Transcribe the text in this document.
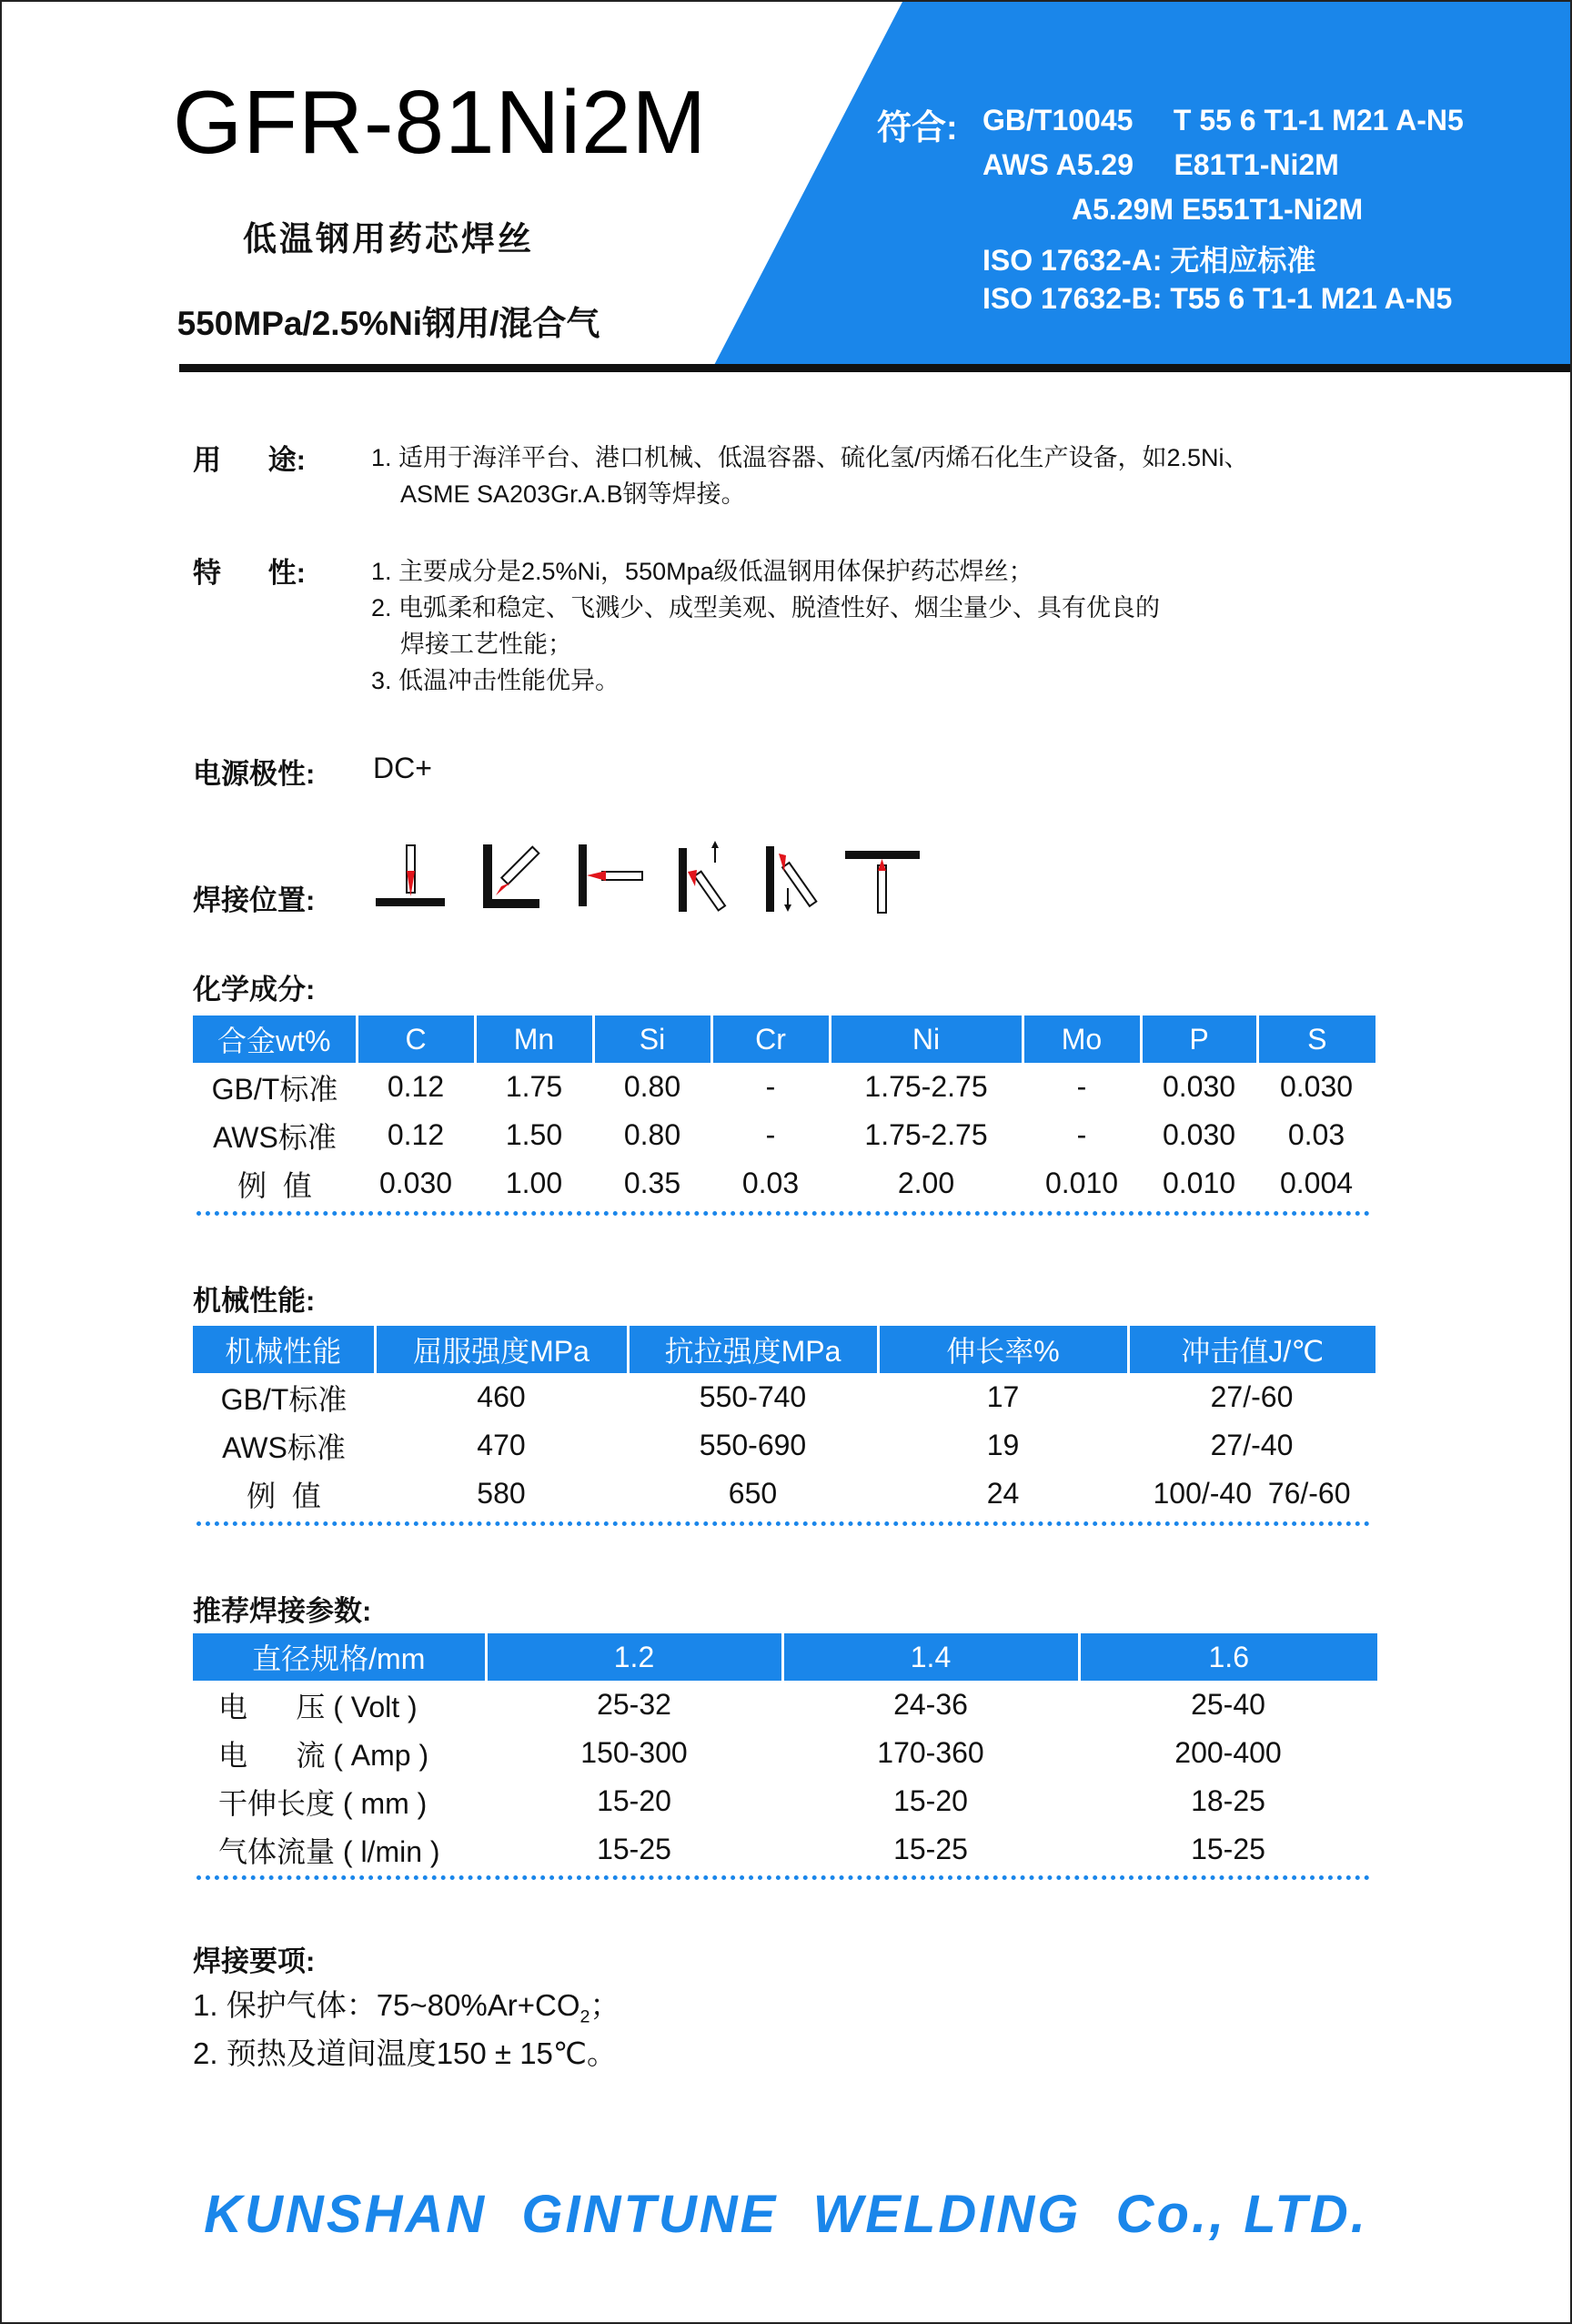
GFR-81Ni2M
低温钢用药芯焊丝
550MPa/2.5%Ni钢用/混合气
符合: GB/T10045     T 55 6 T1-1 M21 A-N5
AWS A5.29     E81T1-Ni2M
A5.29M E551T1-Ni2M
ISO 17632-A: 无相应标准
ISO 17632-B: T55 6 T1-1 M21 A-N5
用      途:	1. 适用于海洋平台、港口机械、低温容器、硫化氢/丙烯石化生产设备，如2.5Ni、
ASME SA203Gr.A.B钢等焊接。
特      性:	1. 主要成分是2.5%Ni，550Mpa级低温钢用体保护药芯焊丝；
2. 电弧柔和稳定、飞溅少、成型美观、脱渣性好、烟尘量少、具有优良的
焊接工艺性能；
3. 低温冲击性能优异。
电源极性: DC+
焊接位置:
化学成分:
合金wt%	C	Mn	Si	Cr	Ni	Mo	P	S
GB/T标准	0.12	1.75	0.80	-	1.75-2.75	-	0.030	0.030
AWS标准	0.12	1.50	0.80	-	1.75-2.75	-	0.030	0.03
例  值	0.030	1.00	0.35	0.03	2.00	0.010	0.010	0.004
机械性能:
机械性能	屈服强度MPa	抗拉强度MPa	伸长率%	冲击值J/℃
GB/T标准	460	550-740	17	27/-60
AWS标准	470	550-690	19	27/-40
例  值	580	650	24	100/-40  76/-60
推荐焊接参数:
直径规格/mm	1.2	1.4	1.6
电      压 ( Volt )	25-32	24-36	25-40
电      流 ( Amp )	150-300	170-360	200-400
干伸长度 ( mm )	15-20	15-20	18-25
气体流量 ( l/min )	15-25	15-25	15-25
焊接要项:
1. 保护气体：$75\sim 80\%Ar+CO_2$；
2. 预热及道间温度150 ± 15℃。
KUNSHAN  GINTUNE  WELDING  Co., LTD.
